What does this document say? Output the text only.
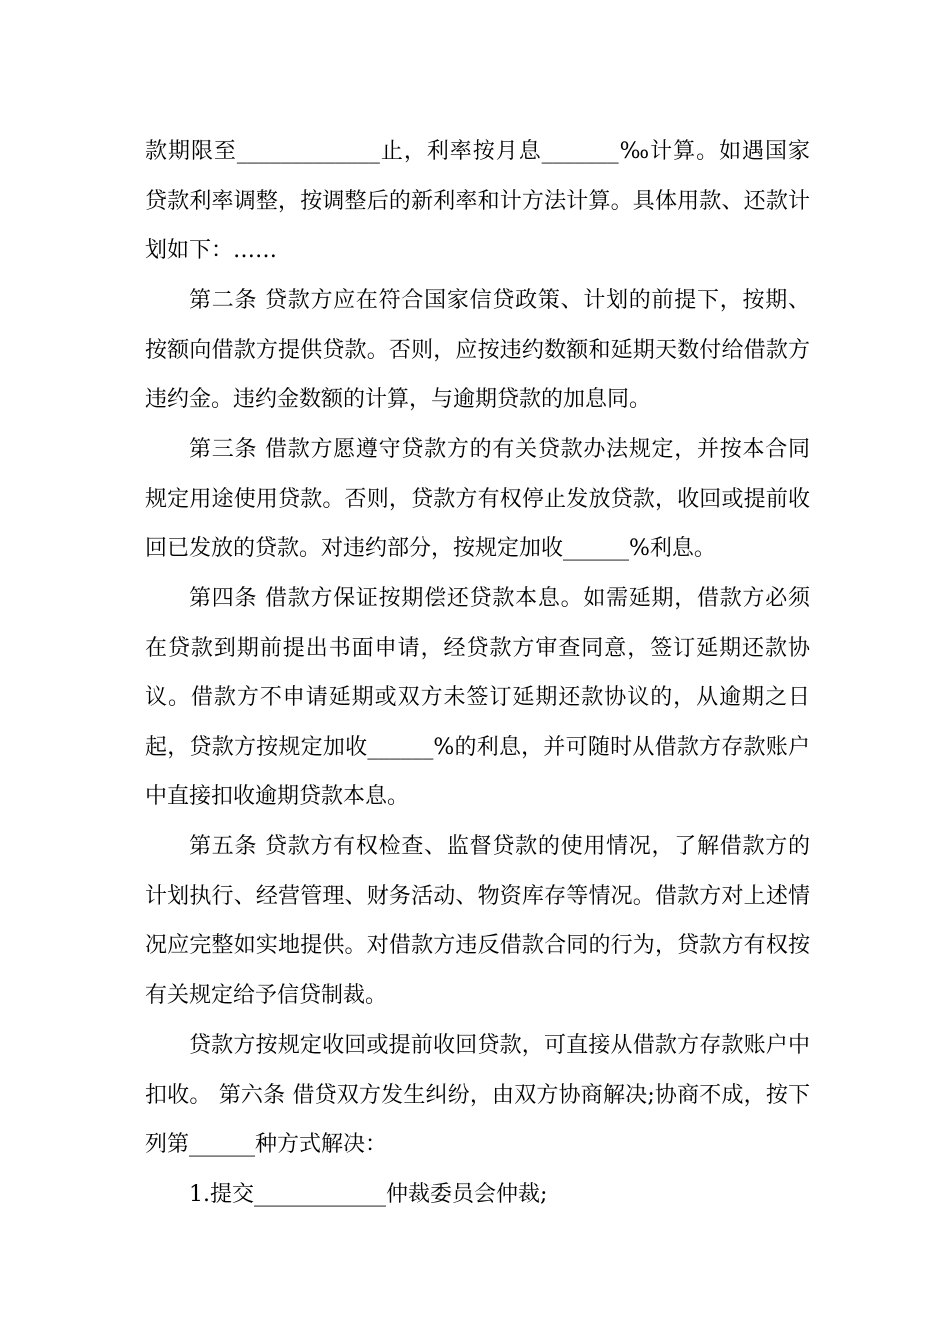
款期限至_____________止，利率按月息_______‰计算。如遇国家贷款利率调整，按调整后的新利率和计方法计算。具体用款、还款计划如下：……

第二条 贷款方应在符合国家信贷政策、计划的前提下，按期、按额向借款方提供贷款。否则，应按违约数额和延期天数付给借款方违约金。违约金数额的计算，与逾期贷款的加息同。

第三条 借款方愿遵守贷款方的有关贷款办法规定，并按本合同规定用途使用贷款。否则，贷款方有权停止发放贷款，收回或提前收回已发放的贷款。对违约部分，按规定加收______%利息。

第四条 借款方保证按期偿还贷款本息。如需延期，借款方必须在贷款到期前提出书面申请，经贷款方审查同意，签订延期还款协议。借款方不申请延期或双方未签订延期还款协议的，从逾期之日起，贷款方按规定加收______%的利息，并可随时从借款方存款账户中直接扣收逾期贷款本息。

第五条 贷款方有权检查、监督贷款的使用情况，了解借款方的计划执行、经营管理、财务活动、物资库存等情况。借款方对上述情况应完整如实地提供。对借款方违反借款合同的行为，贷款方有权按有关规定给予信贷制裁。

贷款方按规定收回或提前收回贷款，可直接从借款方存款账户中扣收。 第六条 借贷双方发生纠纷，由双方协商解决;协商不成，按下列第______种方式解决：

1.提交____________仲裁委员会仲裁;
